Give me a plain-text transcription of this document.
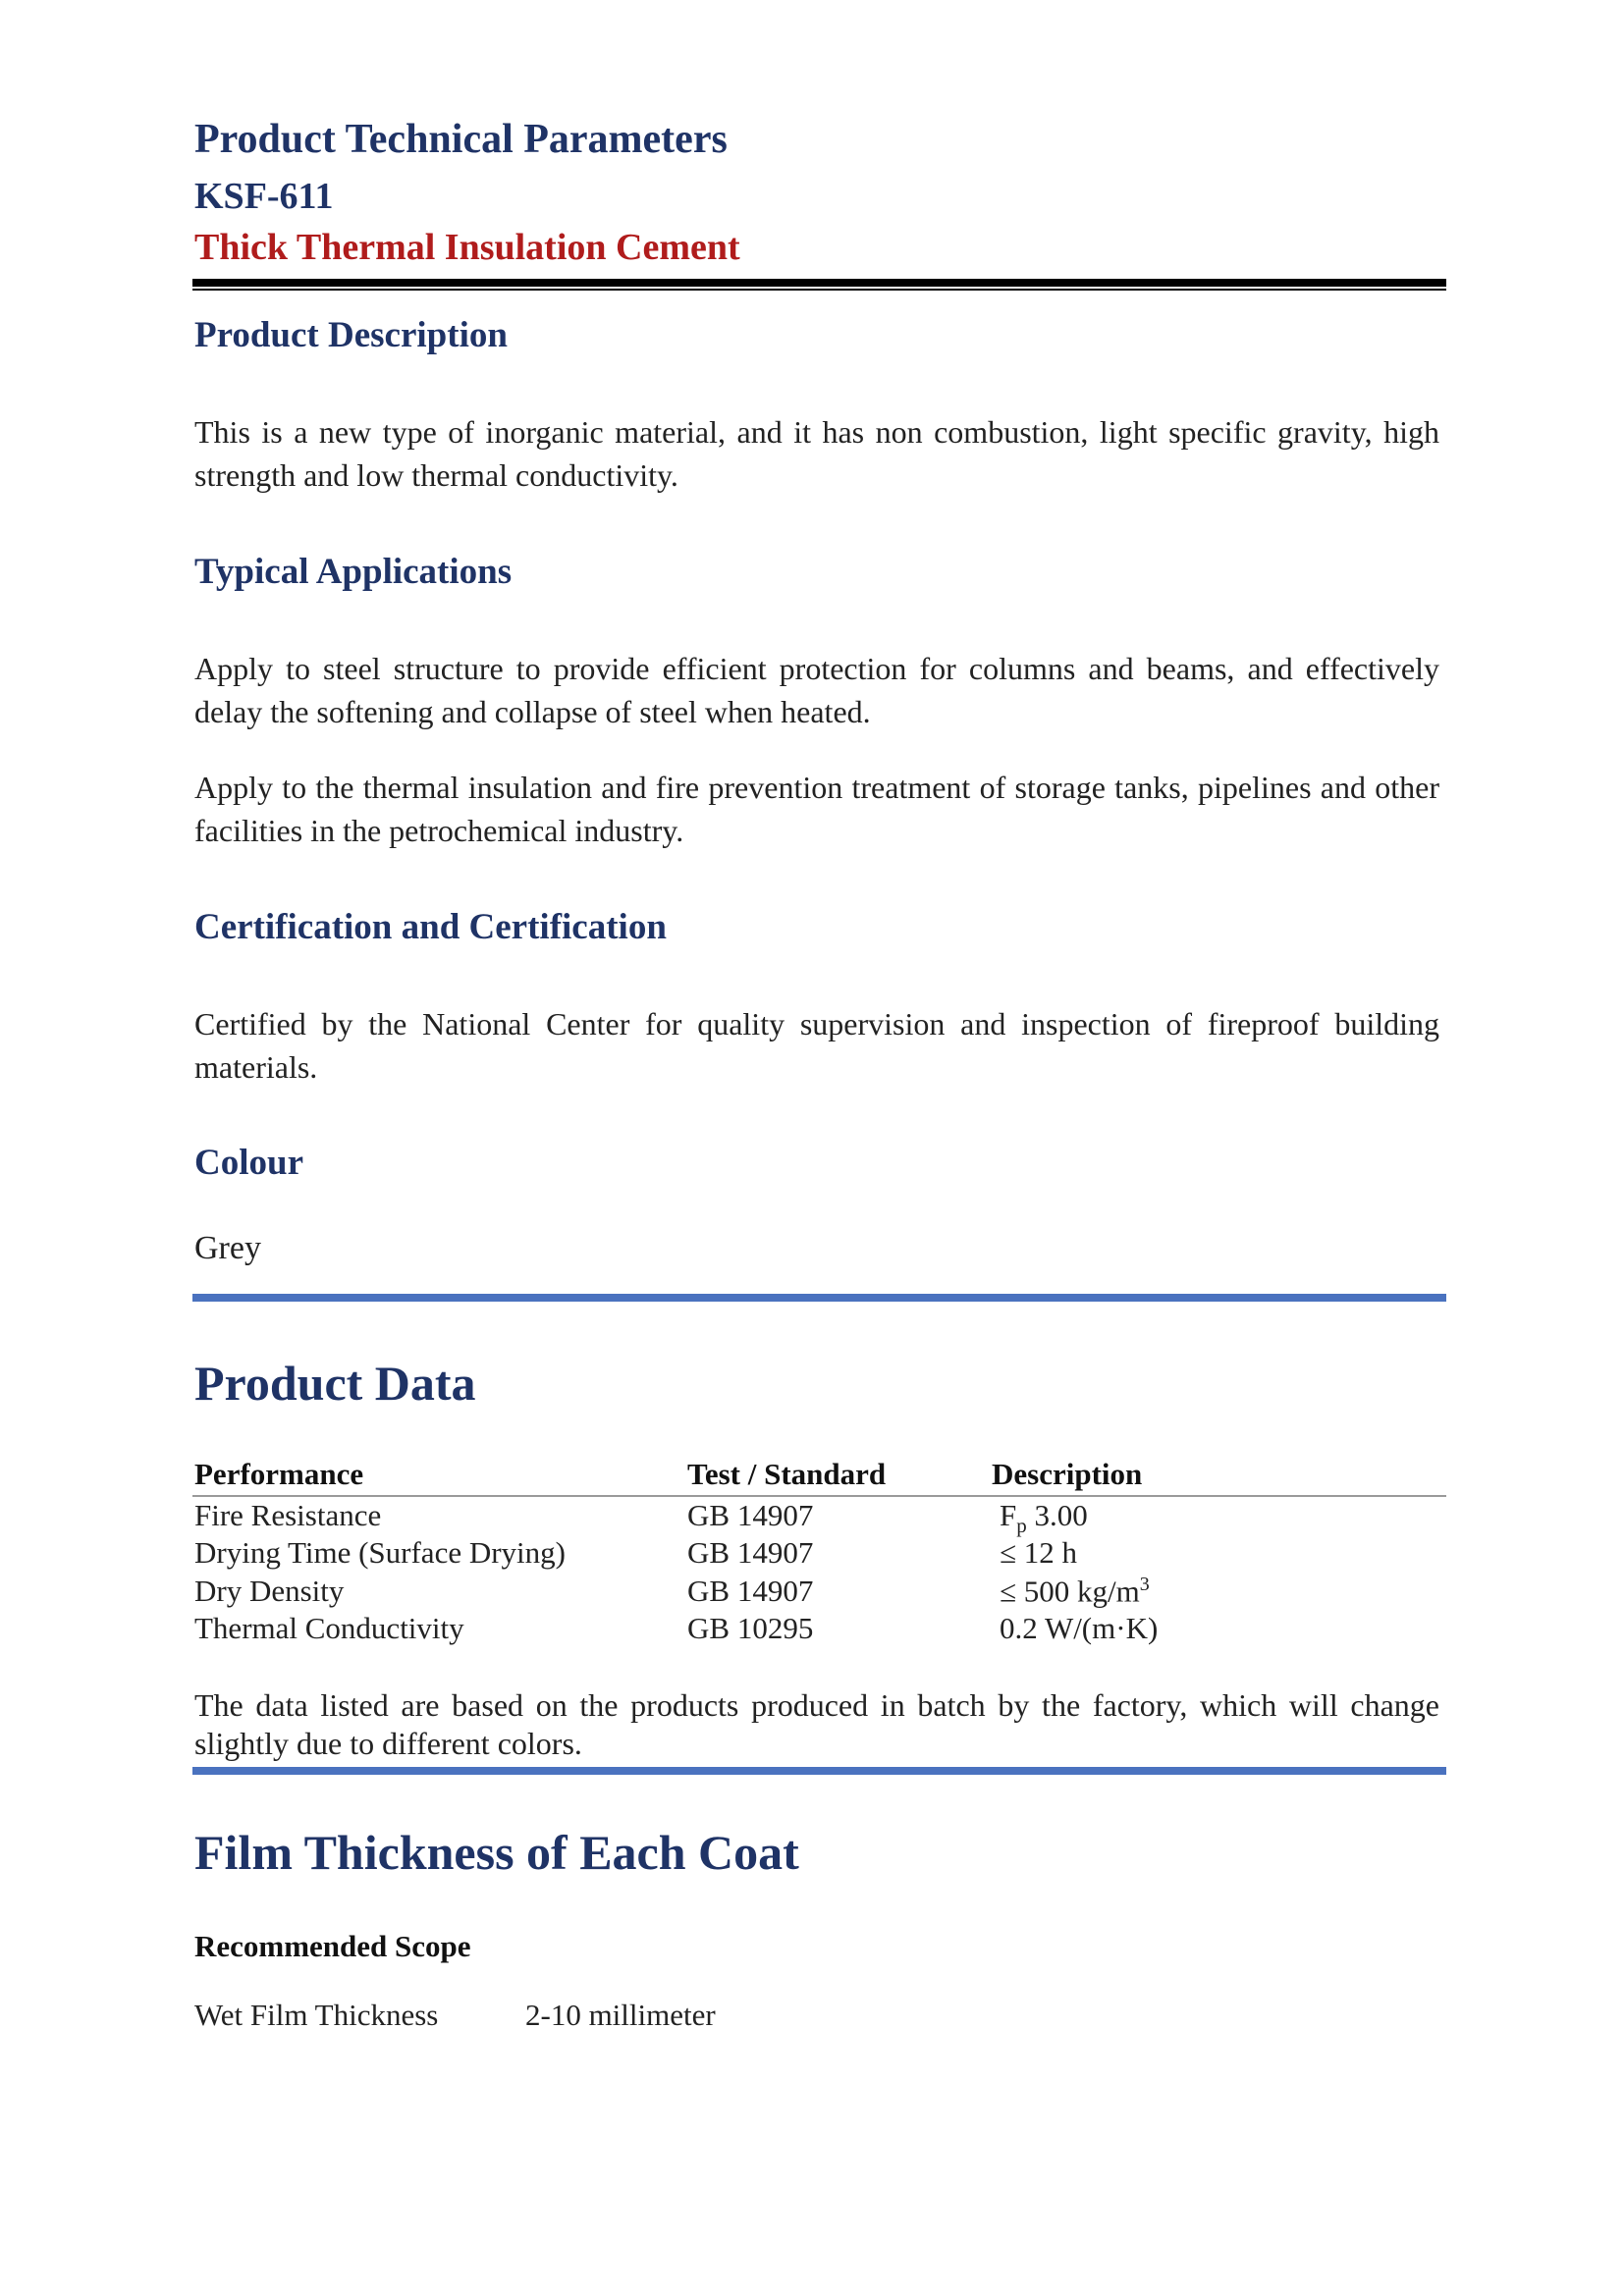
Product Technical Parameters
KSF-611
Thick Thermal Insulation Cement
Product Description

This is a new type of inorganic material, and it has non combustion, light specific gravity, high strength and low thermal conductivity.

Typical Applications

Apply to steel structure to provide efficient protection for columns and beams, and effectively delay the softening and collapse of steel when heated.

Apply to the thermal insulation and fire prevention treatment of storage tanks, pipelines and other facilities in the petrochemical industry.

Certification and Certification

Certified by the National Center for quality supervision and inspection of fireproof building materials.

Colour
Grey
Product Data
Performance	Test / Standard	Description
Fire Resistance	GB 14907	$F_p$ 3.00
Drying Time (Surface Drying)	GB 14907	≤ 12 h
Dry Density	GB 14907	≤ 500 $kg/m^3$
Thermal Conductivity	GB 10295	0.2 W/(m·K)

The data listed are based on the products produced in batch by the factory, which will change slightly due to different colors.

Film Thickness of Each Coat
Recommended Scope
Wet Film Thickness	2-10 millimeter
